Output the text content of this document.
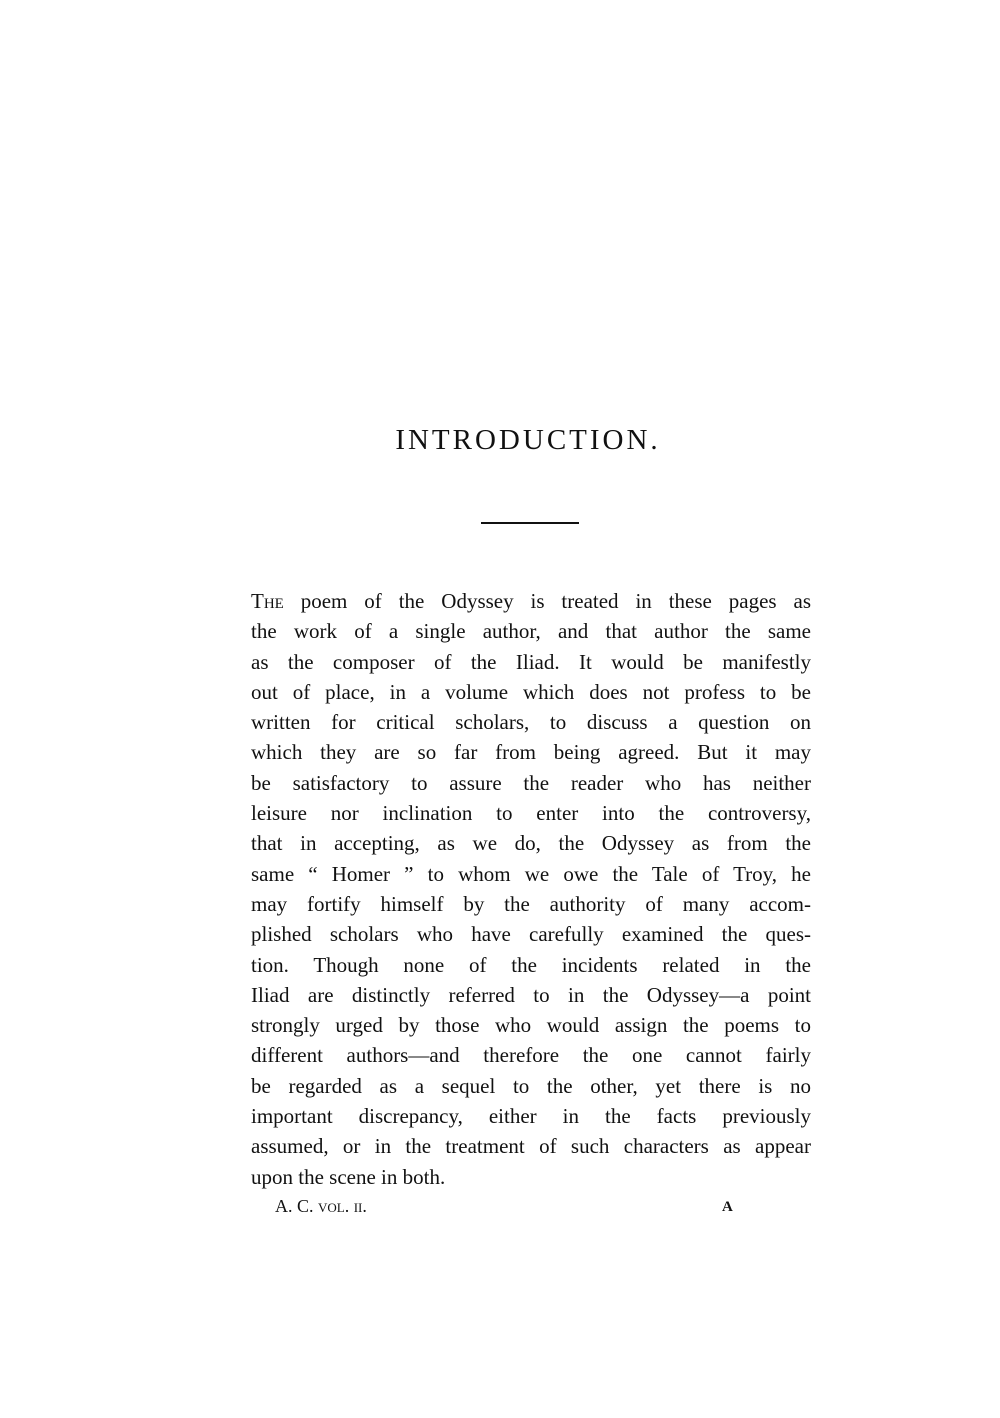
INTRODUCTION.
The poem of the Odyssey is treated in these pages as
the work of a single author, and that author the same
as the composer of the Iliad. It would be manifestly
out of place, in a volume which does not profess to be
written for critical scholars, to discuss a question on
which they are so far from being agreed. But it may
be satisfactory to assure the reader who has neither
leisure nor inclination to enter into the controversy,
that in accepting, as we do, the Odyssey as from the
same “ Homer ” to whom we owe the Tale of Troy, he
may fortify himself by the authority of many accom-
plished scholars who have carefully examined the ques-
tion. Though none of the incidents related in the
Iliad are distinctly referred to in the Odyssey—a point
strongly urged by those who would assign the poems to
different authors—and therefore the one cannot fairly
be regarded as a sequel to the other, yet there is no
important discrepancy, either in the facts previously
assumed, or in the treatment of such characters as appear
upon the scene in both.
A. C. vol. ii.	A
